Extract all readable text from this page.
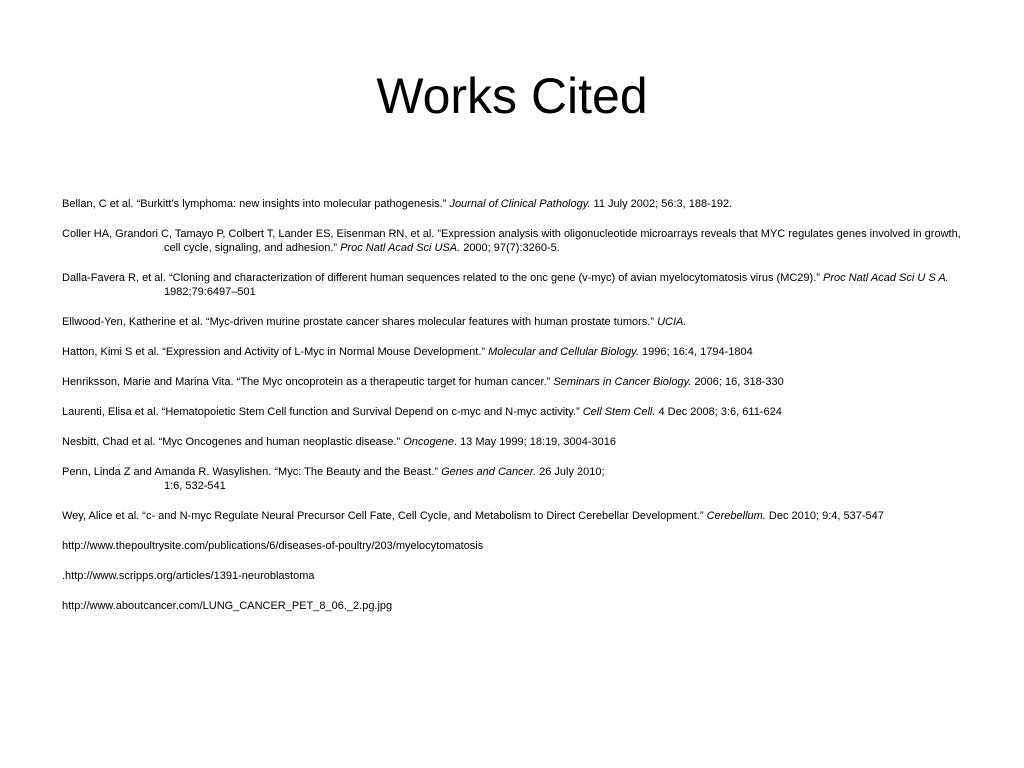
Works Cited
Bellan, C et al. “Burkitt’s lymphoma: new insights into molecular pathogenesis.” Journal of Clinical Pathology. 11 July 2002; 56:3, 188-192.
Coller HA, Grandori C, Tamayo P, Colbert T, Lander ES, Eisenman RN, et al. ”Expression analysis with oligonucleotide microarrays reveals that MYC regulates genes involved in growth, cell cycle, signaling, and adhesion.” Proc Natl Acad Sci USA. 2000; 97(7):3260-5.
Dalla-Favera R, et al. “Cloning and characterization of different human sequences related to the onc gene (v-myc) of avian myelocytomatosis virus (MC29).” Proc Natl Acad Sci U S A. 1982;79:6497–501
Ellwood-Yen, Katherine et al. “Myc-driven murine prostate cancer shares molecular features with human prostate tumors.” UCIA.
Hatton, Kimi S et al. “Expression and Activity of L-Myc in Normal Mouse Development.” Molecular and Cellular Biology. 1996; 16:4, 1794-1804
Henriksson, Marie and Marina Vita. “The Myc oncoprotein as a therapeutic target for human cancer.” Seminars in Cancer Biology. 2006; 16, 318-330
Laurenti, Elisa et al. “Hematopoietic Stem Cell function and Survival Depend on c-myc and N-myc activity.” Cell Stem Cell. 4 Dec 2008; 3:6, 611-624
Nesbitt, Chad et al. “Myc Oncogenes and human neoplastic disease.” Oncogene. 13 May 1999; 18:19, 3004-3016
Penn, Linda Z and Amanda R. Wasylishen. “Myc: The Beauty and the Beast.” Genes and Cancer. 26 July 2010;
1:6, 532-541
Wey, Alice et al. “c- and N-myc Regulate Neural Precursor Cell Fate, Cell Cycle, and Metabolism to Direct Cerebellar Development.” Cerebellum. Dec 2010; 9:4, 537-547
http://www.thepoultrysite.com/publications/6/diseases-of-poultry/203/myelocytomatosis
.http://www.scripps.org/articles/1391-neuroblastoma
http://www.aboutcancer.com/LUNG_CANCER_PET_8_06._2.pg.jpg
